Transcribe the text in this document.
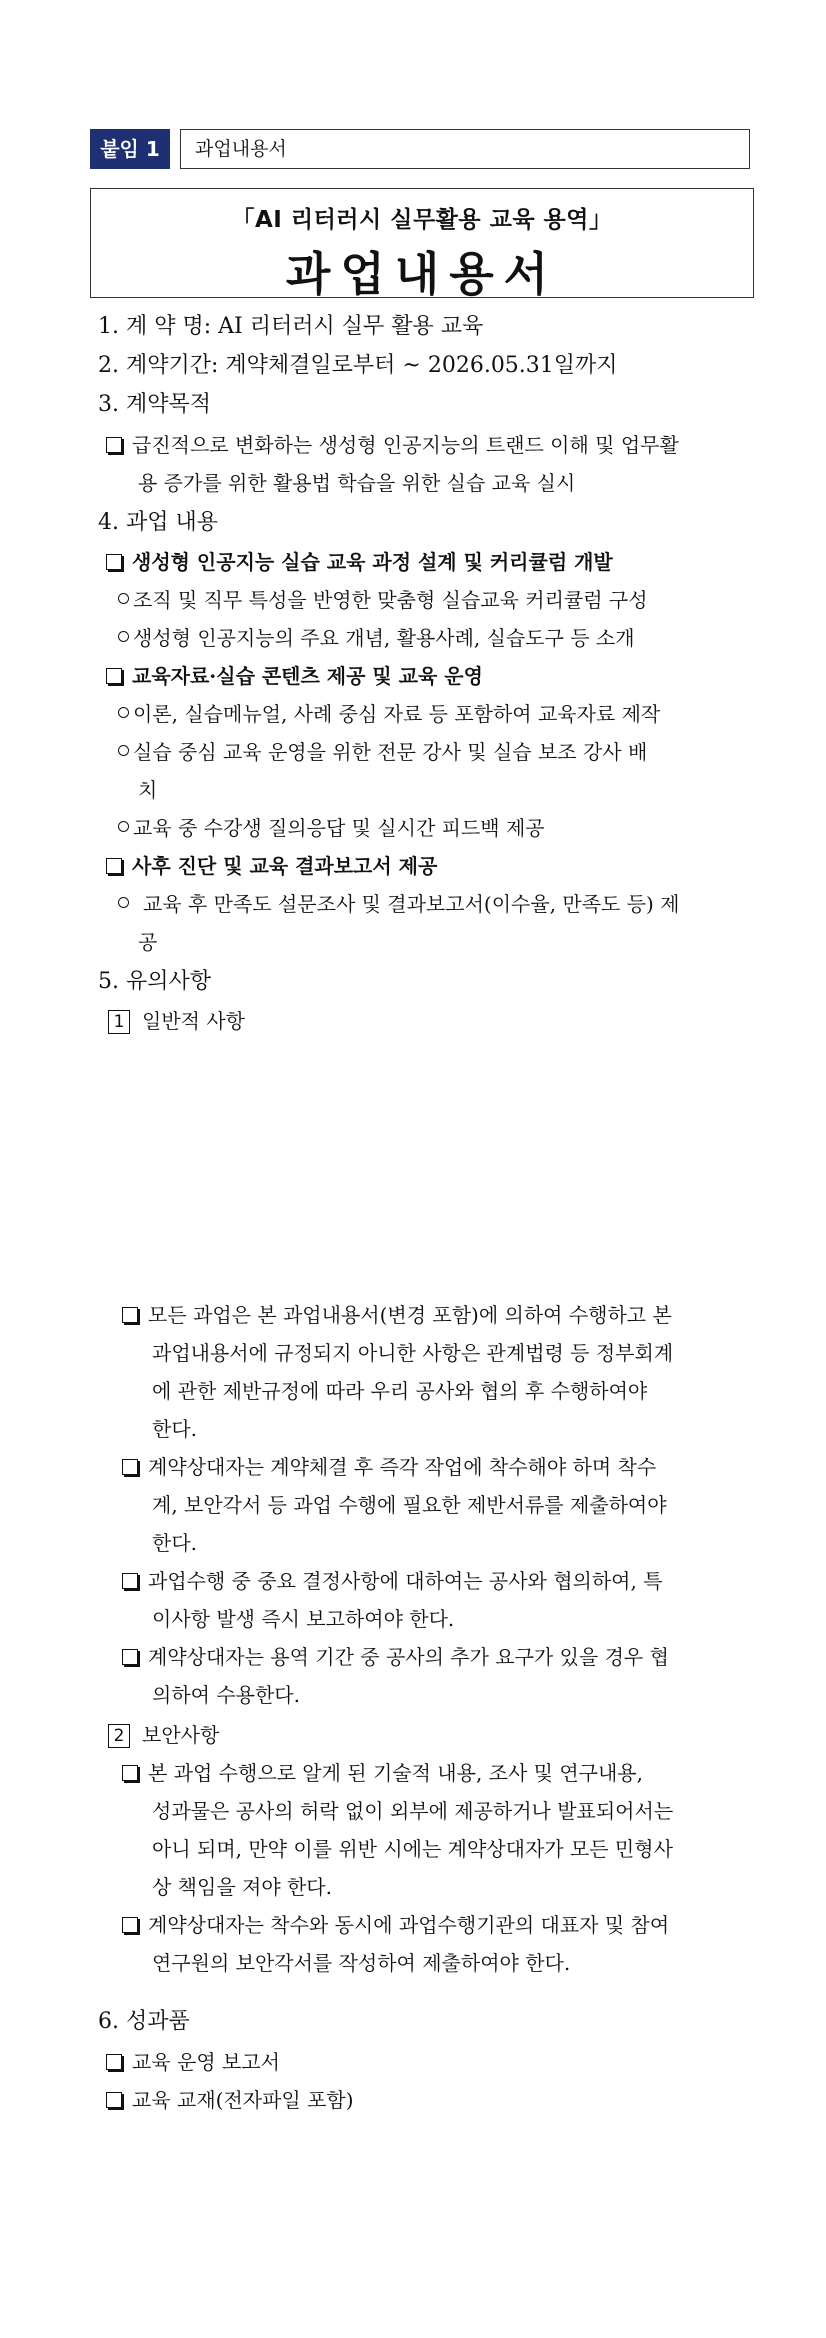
붙임 1	과업내용서
「AI 리터러시 실무활용 교육 용역」
과업내용서
1. 계 약 명: AI 리터러시 실무 활용 교육
2. 계약기간: 계약체결일로부터 ~ 2026.05.31일까지
3. 계약목적
급진적으로 변화하는 생성형 인공지능의 트랜드 이해 및 업무활
용 증가를 위한 활용법 학습을 위한 실습 교육 실시
4. 과업 내용
생성형 인공지능 실습 교육 과정 설계 및 커리큘럼 개발
조직 및 직무 특성을 반영한 맞춤형 실습교육 커리큘럼 구성
생성형 인공지능의 주요 개념, 활용사례, 실습도구 등 소개
교육자료·실습 콘텐츠 제공 및 교육 운영
이론, 실습메뉴얼, 사례 중심 자료 등 포함하여 교육자료 제작
실습 중심 교육 운영을 위한 전문 강사 및 실습 보조 강사 배
치
교육 중 수강생 질의응답 및 실시간 피드백 제공
사후 진단 및 교육 결과보고서 제공
교육 후 만족도 설문조사 및 결과보고서(이수율, 만족도 등) 제
공
5. 유의사항
1 일반적 사항
모든 과업은 본 과업내용서(변경 포함)에 의하여 수행하고 본
과업내용서에 규정되지 아니한 사항은 관계법령 등 정부회계
에 관한 제반규정에 따라 우리 공사와 협의 후 수행하여야
한다.
계약상대자는 계약체결 후 즉각 작업에 착수해야 하며 착수
계, 보안각서 등 과업 수행에 필요한 제반서류를 제출하여야
한다.
과업수행 중 중요 결정사항에 대하여는 공사와 협의하여, 특
이사항 발생 즉시 보고하여야 한다.
계약상대자는 용역 기간 중 공사의 추가 요구가 있을 경우 협
의하여 수용한다.
2 보안사항
본 과업 수행으로 알게 된 기술적 내용, 조사 및 연구내용,
성과물은 공사의 허락 없이 외부에 제공하거나 발표되어서는
아니 되며, 만약 이를 위반 시에는 계약상대자가 모든 민형사
상 책임을 져야 한다.
계약상대자는 착수와 동시에 과업수행기관의 대표자 및 참여
연구원의 보안각서를 작성하여 제출하여야 한다.
6. 성과품
교육 운영 보고서
교육 교재(전자파일 포함)
